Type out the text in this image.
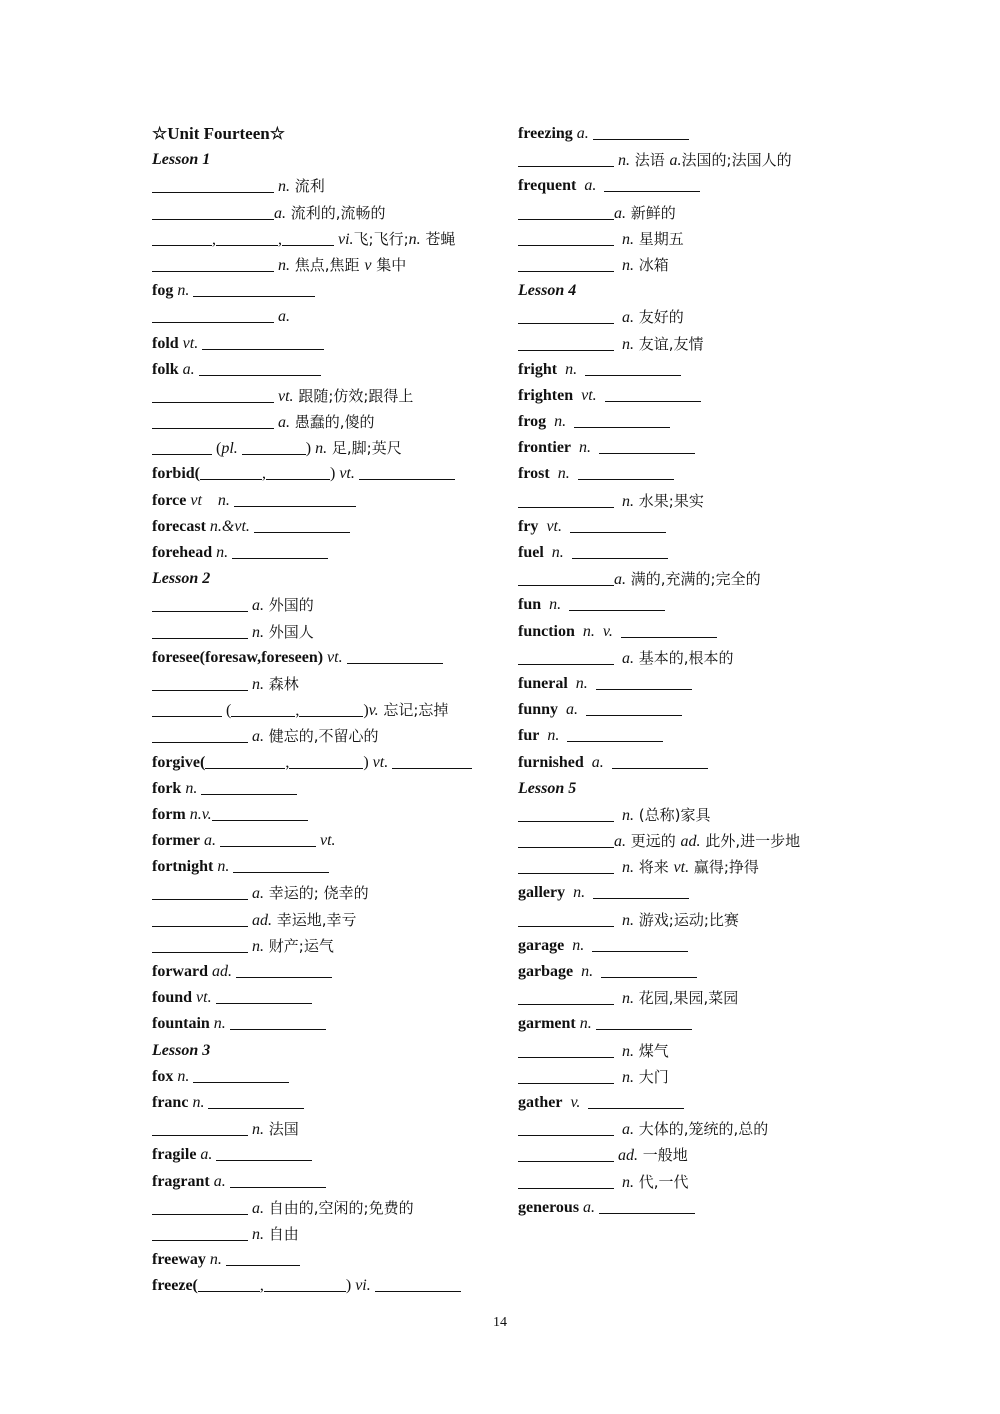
☆Unit Fourteen☆
Lesson 1
n. 流利
a. 流利的,流畅的
,	,	vi.飞;飞行;n. 苍蝇
n. 焦点,焦距 v 集中
fog n.
a.
fold vt.
folk a.
vt. 跟随;仿效;跟得上
a. 愚蠢的,傻的
(pl.	) n. 足,脚;英尺
forbid(	,	) vt.
force vt n.
forecast n.&vt.
forehead n.
Lesson 2
a. 外国的
n. 外国人
foresee(foresaw,foreseen) vt.
n. 森林
(	,	)v. 忘记;忘掉
a. 健忘的,不留心的
forgive(	,	) vt.
fork n.
form n.v.
former a.	vt.
fortnight n.
a. 幸运的; 侥幸的
ad. 幸运地,幸亏
n. 财产;运气
forward ad.
found vt.
fountain n.
Lesson 3
fox n.
franc n.
n. 法国
fragile a.
fragrant a.
a. 自由的,空闲的;免费的
n. 自由
freeway n.
freeze(	,	) vi.
freezing a.
n. 法语 a.法国的;法国人的
frequent  a.
a. 新鲜的
n. 星期五
n. 冰箱
Lesson 4
a. 友好的
n. 友谊,友情
fright  n.
frighten  vt.
frog  n.
frontier  n.
frost  n.
n. 水果;果实
fry  vt.
fuel  n.
a. 满的,充满的;完全的
fun  n.
function  n.  v.
a. 基本的,根本的
funeral  n.
funny  a.
fur  n.
furnished  a.
Lesson 5
n. (总称)家具
a. 更远的 ad. 此外,进一步地
n. 将来 vt. 赢得;挣得
gallery  n.
n. 游戏;运动;比赛
garage  n.
garbage  n.
n. 花园,果园,菜园
garment n.
n. 煤气
n. 大门
gather  v.
a. 大体的,笼统的,总的
ad. 一般地
n. 代,一代
generous a.
14
